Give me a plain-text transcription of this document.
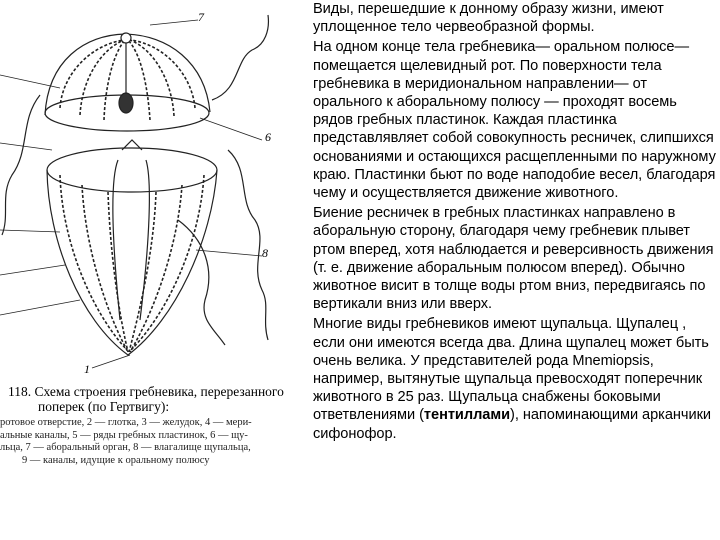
7
6
8
1
118. Схема строения гребневика, перерезанного
поперек (по Гертвигу):
ротовое отверстие, 2 — глотка, 3 — желудок, 4 — мери-
альные каналы, 5 — ряды гребных пластинок, 6 — щу-
льца, 7 — аборальный орган, 8 — влагалище щупальца,
9 — каналы, идущие к оральному полюсу

Виды, перешедшие к донному образу жизни, имеют уплощенное тело червеобразной формы.

На одном конце тела гребневика— оральном полюсе— помещается щелевидный рот. По поверхности тела гребневика в меридиональном направлении— от орального к аборальному полюсу — проходят восемь рядов гребных пластинок. Каждая пластинка представлявляет собой совокупность ресничек, слипшихся основаниями и остающихся расщепленными по наружному краю. Пластинки бьют по воде наподобие весел, благодаря чему и осуществляется движение животного.

Биение ресничек в гребных пластинках направлено в аборальную сторону, благодаря чему гребневик плывет ртом вперед, хотя наблюдается и реверсивность движения (т. е. движение аборальным полюсом вперед). Обычно животное висит в толще воды ртом вниз, передвигаясь по вертикали вниз или вверх.

Многие виды гребневиков имеют щупальца. Щупалец , если они имеются всегда два. Длина щупалец может быть очень велика. У представителей рода Mnemiopsis, например, вытянутые щупальца превосходят поперечник животного в 25 раз. Щупальца снабжены боковыми ответвлениями (тентиллами), напоминающими арканчики сифонофор.
